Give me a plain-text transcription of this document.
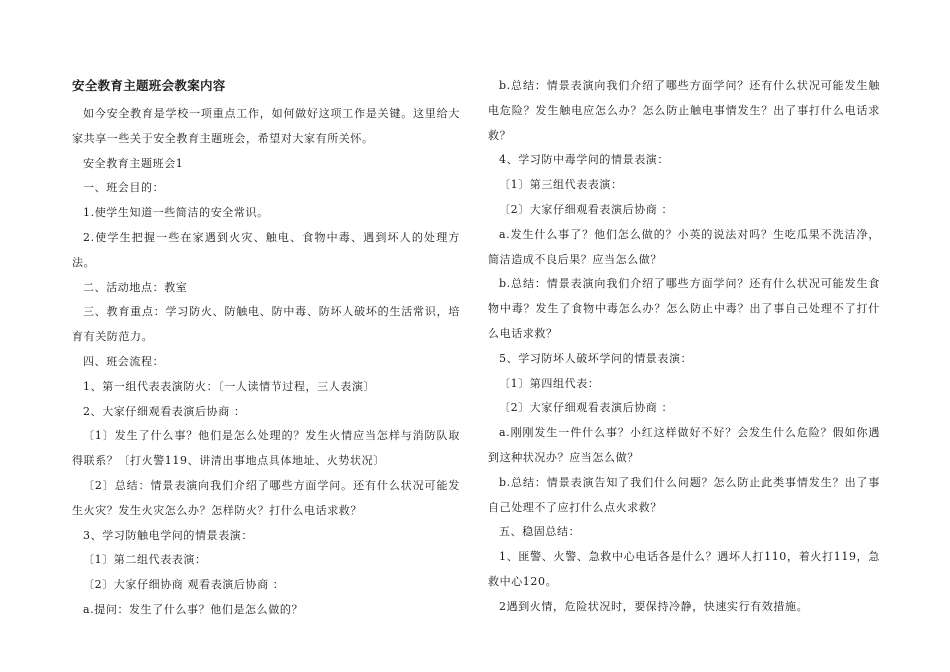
安全教育主题班会教案内容

如今安全教育是学校一项重点工作，如何做好这项工作是关键。这里给大家共享一些关于安全教育主题班会，希望对大家有所关怀。

安全教育主题班会1

一、班会目的：

1.使学生知道一些简洁的安全常识。

2.使学生把握一些在家遇到火灾、触电、食物中毒、遇到坏人的处理方法。

二、活动地点：教室

三、教育重点：学习防火、防触电、防中毒、防坏人破坏的生活常识，培育有关防范力。

四、班会流程：

1、第一组代表表演防火：〔一人读情节过程，三人表演〕

2、大家仔细观看表演后协商 ：

〔1〕发生了什么事？他们是怎么处理的？发生火情应当怎样与消防队取得联系？〔打火警119、讲清出事地点具体地址、火势状况〕

〔2〕总结：情景表演向我们介绍了哪些方面学问。还有什么状况可能发生火灾？发生火灾怎么办？怎样防火？打什么电话求救？

3、学习防触电学问的情景表演：

〔1〕第二组代表表演：

〔2〕大家仔细协商 观看表演后协商 ：

a.提问：发生了什么事？他们是怎么做的？

b.总结：情景表演向我们介绍了哪些方面学问？还有什么状况可能发生触电危险？发生触电应怎么办？怎么防止触电事情发生？出了事打什么电话求救？

4、学习防中毒学问的情景表演：

〔1〕第三组代表表演：

〔2〕大家仔细观看表演后协商 ：

a.发生什么事了？他们怎么做的？小英的说法对吗？生吃瓜果不洗洁净，简洁造成不良后果？应当怎么做？

b.总结：情景表演向我们介绍了哪些方面学问？还有什么状况可能发生食物中毒？发生了食物中毒怎么办？怎么防止中毒？出了事自己处理不了打什么电话求救？

5、学习防坏人破坏学问的情景表演：

〔1〕第四组代表：

〔2〕大家仔细观看表演后协商 ：

a.刚刚发生一件什么事？小红这样做好不好？会发生什么危险？假如你遇到这种状况办？应当怎么做？

b.总结：情景表演告知了我们什么问题？怎么防止此类事情发生？出了事自己处理不了应打什么点火求救？

五、稳固总结：

1、匪警、火警、急救中心电话各是什么？遇坏人打110，着火打119，急救中心120。

2遇到火情，危险状况时，要保持冷静，快速实行有效措施。
